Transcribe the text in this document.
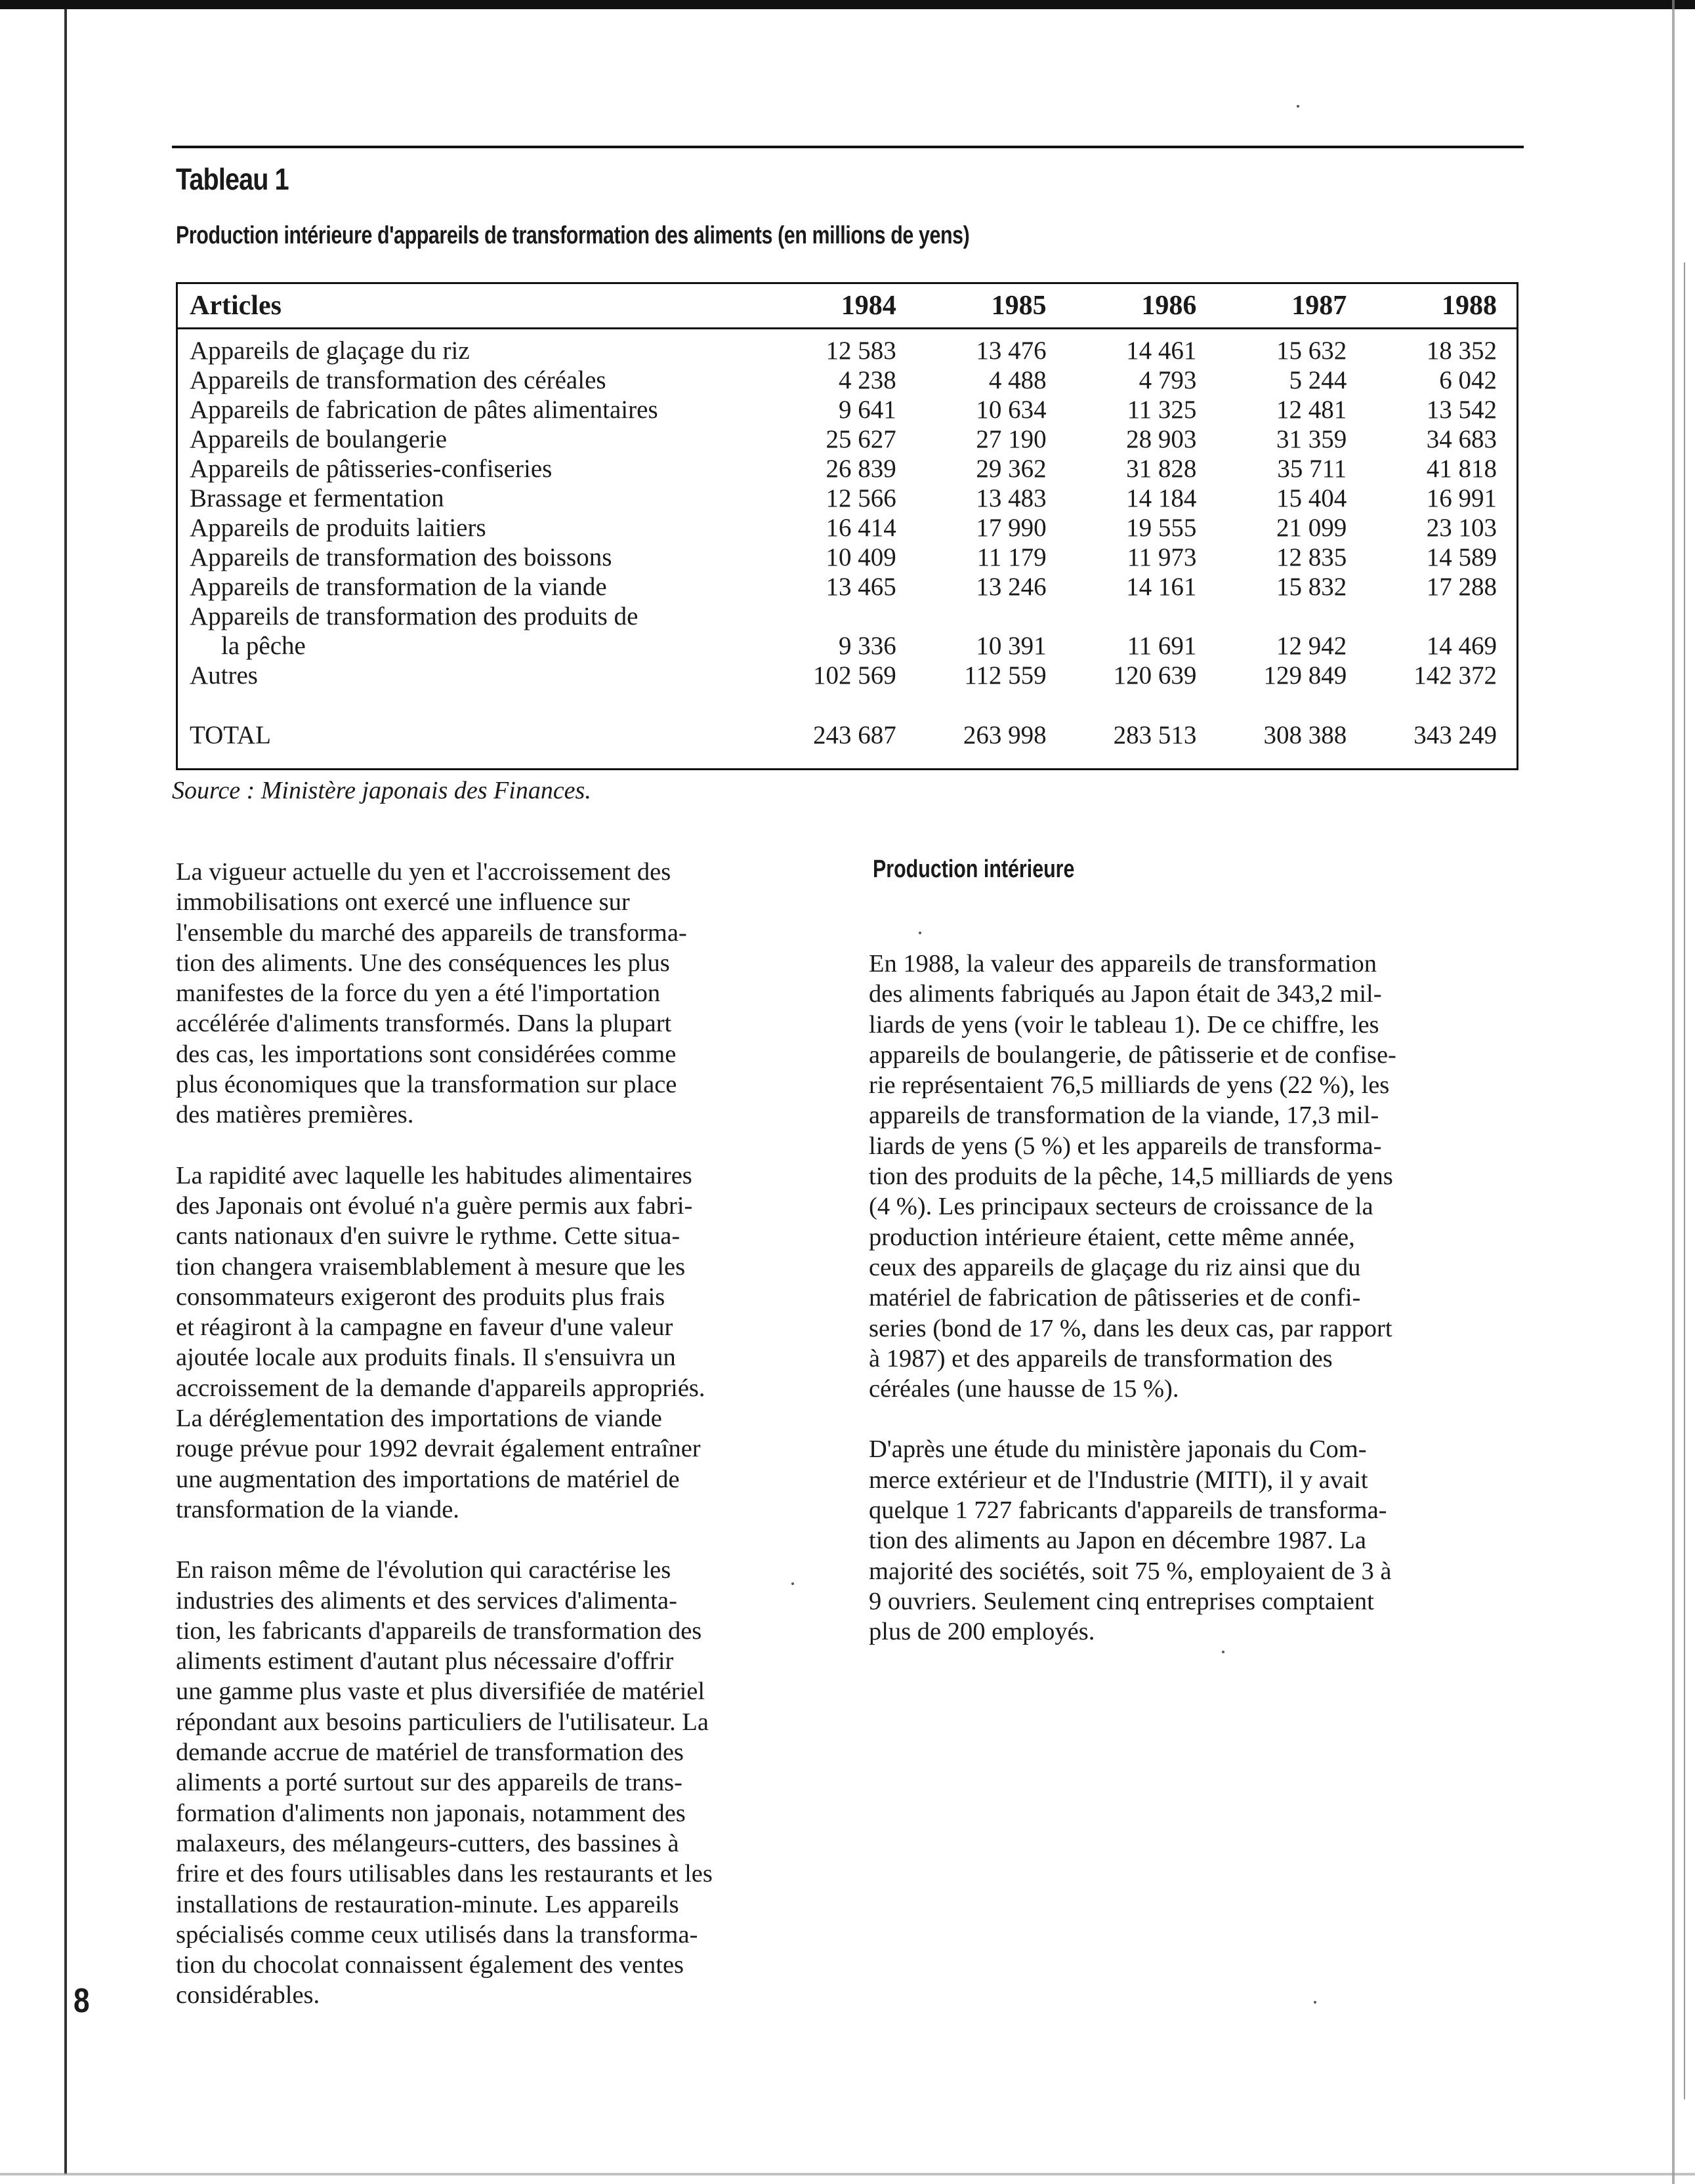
Tableau 1
Production intérieure d'appareils de transformation des aliments (en millions de yens)
Articles	1984	1985	1986	1987	1988
Appareils de glaçage du riz	12 583	13 476	14 461	15 632	18 352
Appareils de transformation des céréales	4 238	4 488	4 793	5 244	6 042
Appareils de fabrication de pâtes alimentaires	9 641	10 634	11 325	12 481	13 542
Appareils de boulangerie	25 627	27 190	28 903	31 359	34 683
Appareils de pâtisseries-confiseries	26 839	29 362	31 828	35 711	41 818
Brassage et fermentation	12 566	13 483	14 184	15 404	16 991
Appareils de produits laitiers	16 414	17 990	19 555	21 099	23 103
Appareils de transformation des boissons	10 409	11 179	11 973	12 835	14 589
Appareils de transformation de la viande	13 465	13 246	14 161	15 832	17 288
Appareils de transformation des produits de					
la pêche	9 336	10 391	11 691	12 942	14 469
Autres	102 569	112 559	120 639	129 849	142 372
TOTAL	243 687	263 998	283 513	308 388	343 249
Source : Ministère japonais des Finances.

La vigueur actuelle du yen et l'accroissement des
immobilisations ont exercé une influence sur
l'ensemble du marché des appareils de transforma-
tion des aliments. Une des conséquences les plus
manifestes de la force du yen a été l'importation
accélérée d'aliments transformés. Dans la plupart
des cas, les importations sont considérées comme
plus économiques que la transformation sur place
des matières premières.

La rapidité avec laquelle les habitudes alimentaires
des Japonais ont évolué n'a guère permis aux fabri-
cants nationaux d'en suivre le rythme. Cette situa-
tion changera vraisemblablement à mesure que les
consommateurs exigeront des produits plus frais
et réagiront à la campagne en faveur d'une valeur
ajoutée locale aux produits finals. Il s'ensuivra un
accroissement de la demande d'appareils appropriés.
La déréglementation des importations de viande
rouge prévue pour 1992 devrait également entraîner
une augmentation des importations de matériel de
transformation de la viande.

En raison même de l'évolution qui caractérise les
industries des aliments et des services d'alimenta-
tion, les fabricants d'appareils de transformation des
aliments estiment d'autant plus nécessaire d'offrir
une gamme plus vaste et plus diversifiée de matériel
répondant aux besoins particuliers de l'utilisateur. La
demande accrue de matériel de transformation des
aliments a porté surtout sur des appareils de trans-
formation d'aliments non japonais, notamment des
malaxeurs, des mélangeurs-cutters, des bassines à
frire et des fours utilisables dans les restaurants et les
installations de restauration-minute. Les appareils
spécialisés comme ceux utilisés dans la transforma-
tion du chocolat connaissent également des ventes
considérables.

Production intérieure

En 1988, la valeur des appareils de transformation
des aliments fabriqués au Japon était de 343,2 mil-
liards de yens (voir le tableau 1). De ce chiffre, les
appareils de boulangerie, de pâtisserie et de confise-
rie représentaient 76,5 milliards de yens (22 %), les
appareils de transformation de la viande, 17,3 mil-
liards de yens (5 %) et les appareils de transforma-
tion des produits de la pêche, 14,5 milliards de yens
(4 %). Les principaux secteurs de croissance de la
production intérieure étaient, cette même année,
ceux des appareils de glaçage du riz ainsi que du
matériel de fabrication de pâtisseries et de confi-
series (bond de 17 %, dans les deux cas, par rapport
à 1987) et des appareils de transformation des
céréales (une hausse de 15 %).

D'après une étude du ministère japonais du Com-
merce extérieur et de l'Industrie (MITI), il y avait
quelque 1 727 fabricants d'appareils de transforma-
tion des aliments au Japon en décembre 1987. La
majorité des sociétés, soit 75 %, employaient de 3 à
9 ouvriers. Seulement cinq entreprises comptaient
plus de 200 employés.

8
